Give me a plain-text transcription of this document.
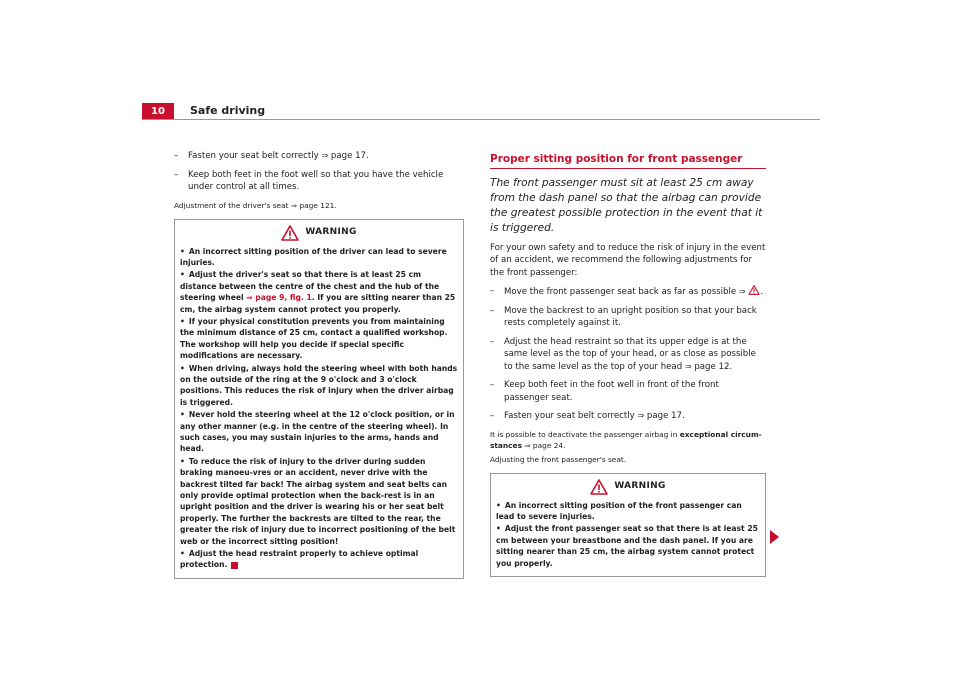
10	Safe driving
–	Fasten your seat belt correctly ⇒ page 17.
–	Keep both feet in the foot well so that you have the vehicle under control at all times.
Adjustment of the driver's seat ⇒ page 121.
WARNING

• An incorrect sitting position of the driver can lead to severe injuries.

• Adjust the driver's seat so that there is at least 25 cm distance between the centre of the chest and the hub of the steering wheel ⇒ page 9, fig. 1. If you are sitting nearer than 25 cm, the airbag system cannot protect you properly.

• If your physical constitution prevents you from maintaining the minimum distance of 25 cm, contact a qualified workshop. The workshop will help you decide if special specific modifications are necessary.

• When driving, always hold the steering wheel with both hands on the outside of the ring at the 9 o'clock and 3 o'clock positions. This reduces the risk of injury when the driver airbag is triggered.

• Never hold the steering wheel at the 12 o'clock position, or in any other manner (e.g. in the centre of the steering wheel). In such cases, you may sustain injuries to the arms, hands and head.

• To reduce the risk of injury to the driver during sudden braking manoeu-vres or an accident, never drive with the backrest tilted far back! The airbag system and seat belts can only provide optimal protection when the back-rest is in an upright position and the driver is wearing his or her seat belt properly. The further the backrests are tilted to the rear, the greater the risk of injury due to incorrect positioning of the belt web or the incorrect sitting position!

• Adjust the head restraint properly to achieve optimal protection.

Proper sitting position for front passenger
The front passenger must sit at least 25 cm away from the dash panel so that the airbag can provide the greatest possible protection in the event that it is triggered.
For your own safety and to reduce the risk of injury in the event of an accident, we recommend the following adjustments for the front passenger:
–	Move the front passenger seat back as far as possible ⇒ .
–	Move the backrest to an upright position so that your back rests completely against it.
–	Adjust the head restraint so that its upper edge is at the same level as the top of your head, or as close as possible to the same level as the top of your head ⇒ page 12.
–	Keep both feet in the foot well in front of the front passenger seat.
–	Fasten your seat belt correctly ⇒ page 17.
It is possible to deactivate the passenger airbag in exceptional circum-stances ⇒ page 24.
Adjusting the front passenger's seat.
WARNING

• An incorrect sitting position of the front passenger can lead to severe injuries.

• Adjust the front passenger seat so that there is at least 25 cm between your breastbone and the dash panel. If you are sitting nearer than 25 cm, the airbag system cannot protect you properly.
